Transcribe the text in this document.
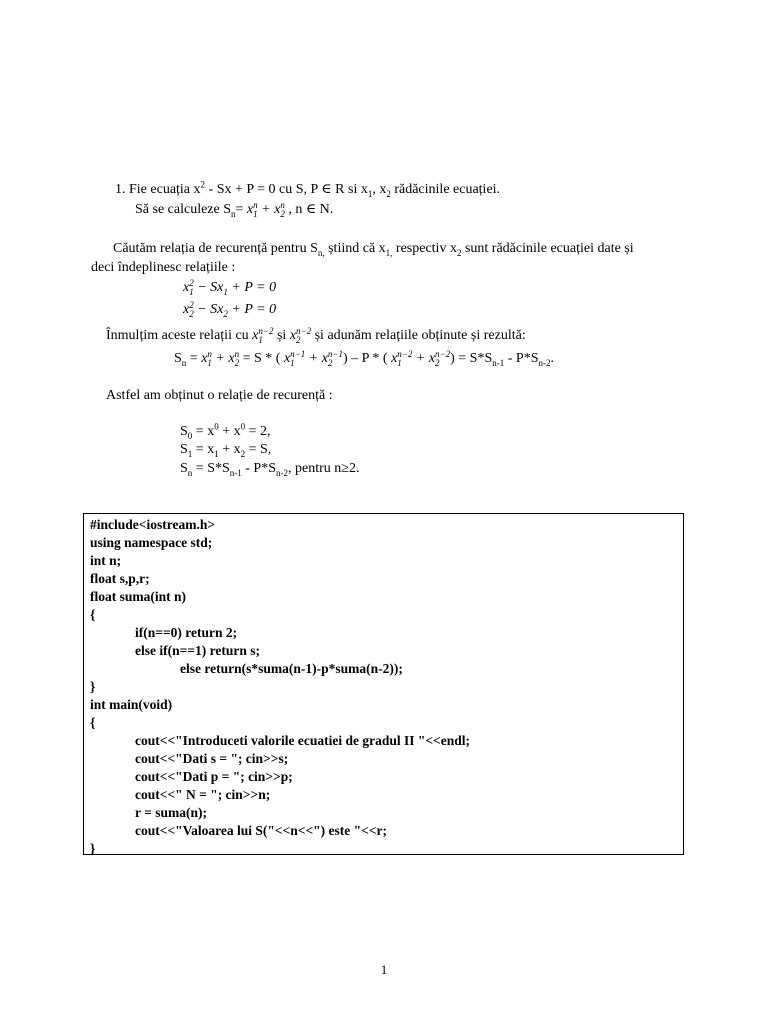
1. Fie ecuația $x^2 - Sx + P = 0$ cu S, P ∈ R si $x_1$, $x_2$ rădăcinile ecuației.
Să se calculeze $S_n= x$ n
1 + x n
2 , n ∈ N.
Căutăm relația de recurență pentru $S_{n,}$ știind că $x_{1,}$ respectiv $x_2$ sunt rădăcinile ecuației date și
deci îndeplinesc relațiile :
x 2
$1 - Sx_1 + P = 0$
x 2
$2 - Sx_2 + P = 0$
Înmulțim aceste relații cu x n−2
1	și x n−2
2	și adunăm relațiile obținute și rezultă:
$S_n = x$ n
1 + x n
2 = S * ( x n−1
1 + x n−1
2 ) – P * ( x n−2
1 + x n−2
2 ) = $S*S_{n-1} - P*S_{n-2}$.
Astfel am obținut o relație de recurență :
$S_0 = x^0 + x^0 = 2$,
$S_1 = x_1 + x_2 = S$,
$S_n = S*S_{n-1} - P*S_{n-2}$, pentru n≥2.
#include<iostream.h>
using namespace std;
int n;
float s,p,r;
float suma(int n)
{
if(n==0) return 2;
else if(n==1) return s;
else return(s*suma(n-1)-p*suma(n-2));
}
int main(void)
{
cout<<"Introduceti valorile ecuatiei de gradul II "<<endl;
cout<<"Dati s = "; cin>>s;
cout<<"Dati p = "; cin>>p;
cout<<" N = "; cin>>n;
r = suma(n);
cout<<"Valoarea lui S("<<n<<") este "<<r;
}
1
